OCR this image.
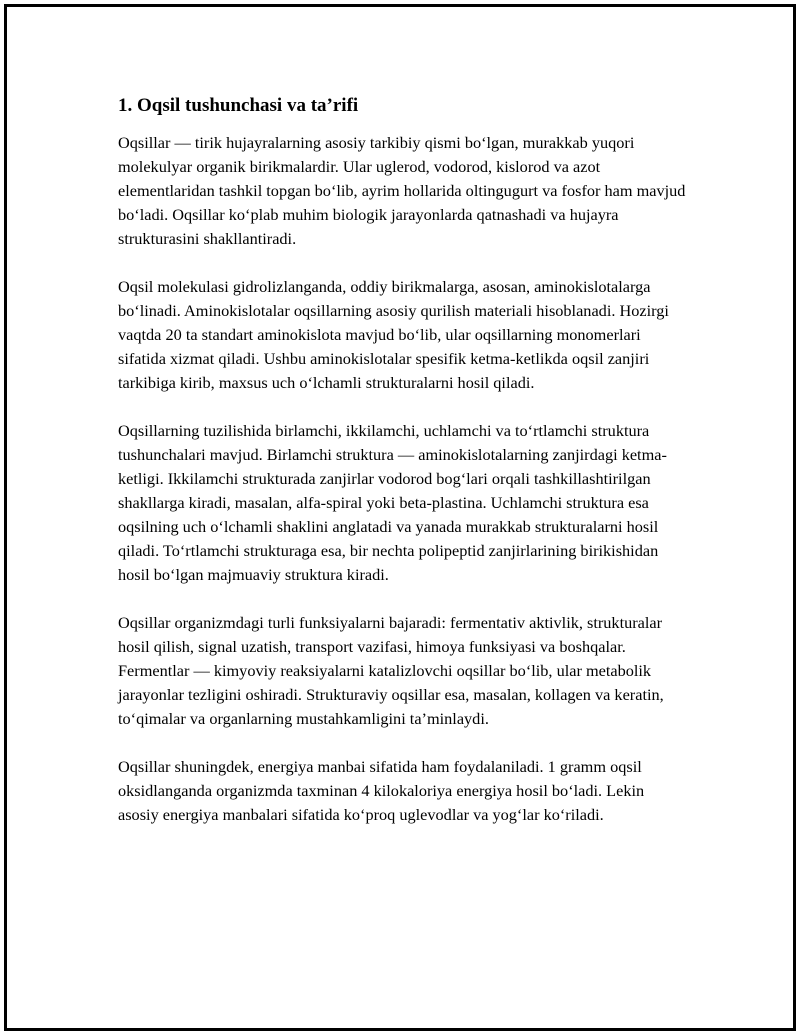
1. Oqsil tushunchasi va ta’rifi

Oqsillar — tirik hujayralarning asosiy tarkibiy qismi bo‘lgan, murakkab yuqori molekulyar organik birikmalardir. Ular uglerod, vodorod, kislorod va azot elementlaridan tashkil topgan bo‘lib, ayrim hollarida oltingugurt va fosfor ham mavjud bo‘ladi. Oqsillar ko‘plab muhim biologik jarayonlarda qatnashadi va hujayra strukturasini shakllantiradi.

Oqsil molekulasi gidrolizlanganda, oddiy birikmalarga, asosan, aminokislotalarga bo‘linadi. Aminokislotalar oqsillarning asosiy qurilish materiali hisoblanadi. Hozirgi vaqtda 20 ta standart aminokislota mavjud bo‘lib, ular oqsillarning monomerlari sifatida xizmat qiladi. Ushbu aminokislotalar spesifik ketma-ketlikda oqsil zanjiri tarkibiga kirib, maxsus uch o‘lchamli strukturalarni hosil qiladi.

Oqsillarning tuzilishida birlamchi, ikkilamchi, uchlamchi va to‘rtlamchi struktura tushunchalari mavjud. Birlamchi struktura — aminokislotalarning zanjirdagi ketma-ketligi. Ikkilamchi strukturada zanjirlar vodorod bog‘lari orqali tashkillashtirilgan shakllarga kiradi, masalan, alfa-spiral yoki beta-plastina. Uchlamchi struktura esa oqsilning uch o‘lchamli shaklini anglatadi va yanada murakkab strukturalarni hosil qiladi. To‘rtlamchi strukturaga esa, bir nechta polipeptid zanjirlarining birikishidan hosil bo‘lgan majmuaviy struktura kiradi.

Oqsillar organizmdagi turli funksiyalarni bajaradi: fermentativ aktivlik, strukturalar hosil qilish, signal uzatish, transport vazifasi, himoya funksiyasi va boshqalar. Fermentlar — kimyoviy reaksiyalarni katalizlovchi oqsillar bo‘lib, ular metabolik jarayonlar tezligini oshiradi. Strukturaviy oqsillar esa, masalan, kollagen va keratin, to‘qimalar va organlarning mustahkamligini ta’minlaydi.

Oqsillar shuningdek, energiya manbai sifatida ham foydalaniladi. 1 gramm oqsil oksidlanganda organizmda taxminan 4 kilokaloriya energiya hosil bo‘ladi. Lekin asosiy energiya manbalari sifatida ko‘proq uglevodlar va yog‘lar ko‘riladi.
